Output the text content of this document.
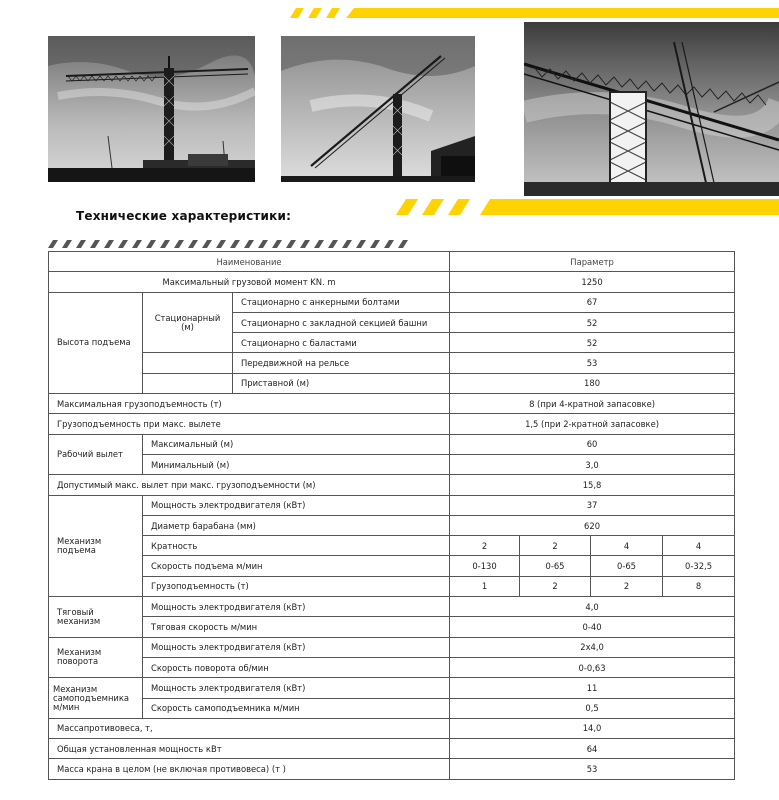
Технические характеристики:
Наименование			Параметр			
Максимальный грузовой момент KN. m			1250			
Высота подъема	Стационарный (м)	Стационарно с анкерными болтами	67			
		Стационарно с закладной секцией башни	52			
		Стационарно с баластами	52			
		Передвижной на рельсе	53			
		Приставной (м)	180			
Максимальная грузоподъемность (т)			8 (при 4-кратной запасовке)			
Грузоподъемность при макс. вылете			1,5 (при 2-кратной запасовке)			
Рабочий вылет	Максимальный (м)		60			
	Минимальный (м)		3,0			
Допустимый макс. вылет при макс. грузоподъемности (м)			15,8			
Механизм подъема	Мощность электродвигателя (кВт)		37			
	Диаметр барабана (мм)		620			
	Кратность		2	2	4	4
	Скорость подъема м/мин		0-130	0-65	0-65	0-32,5
	Грузоподъемность (т)		1	2	2	8
Тяговый механизм	Мощность электродвигателя (кВт)		4,0			
	Тяговая скорость м/мин		0-40			
Механизм поворота	Мощность электродвигателя (кВт)		2x4,0			
	Скорость поворота об/мин		0-0,63			
Механизм самоподъемника м/мин	Мощность электродвигателя (кВт)		11			
	Скорость самоподъемника м/мин		0,5			
Массапротивовеса, т,			14,0			
Общая установленная мощность кВт			64			
Масса крана в целом (не включая противовеса) (т )			53			
